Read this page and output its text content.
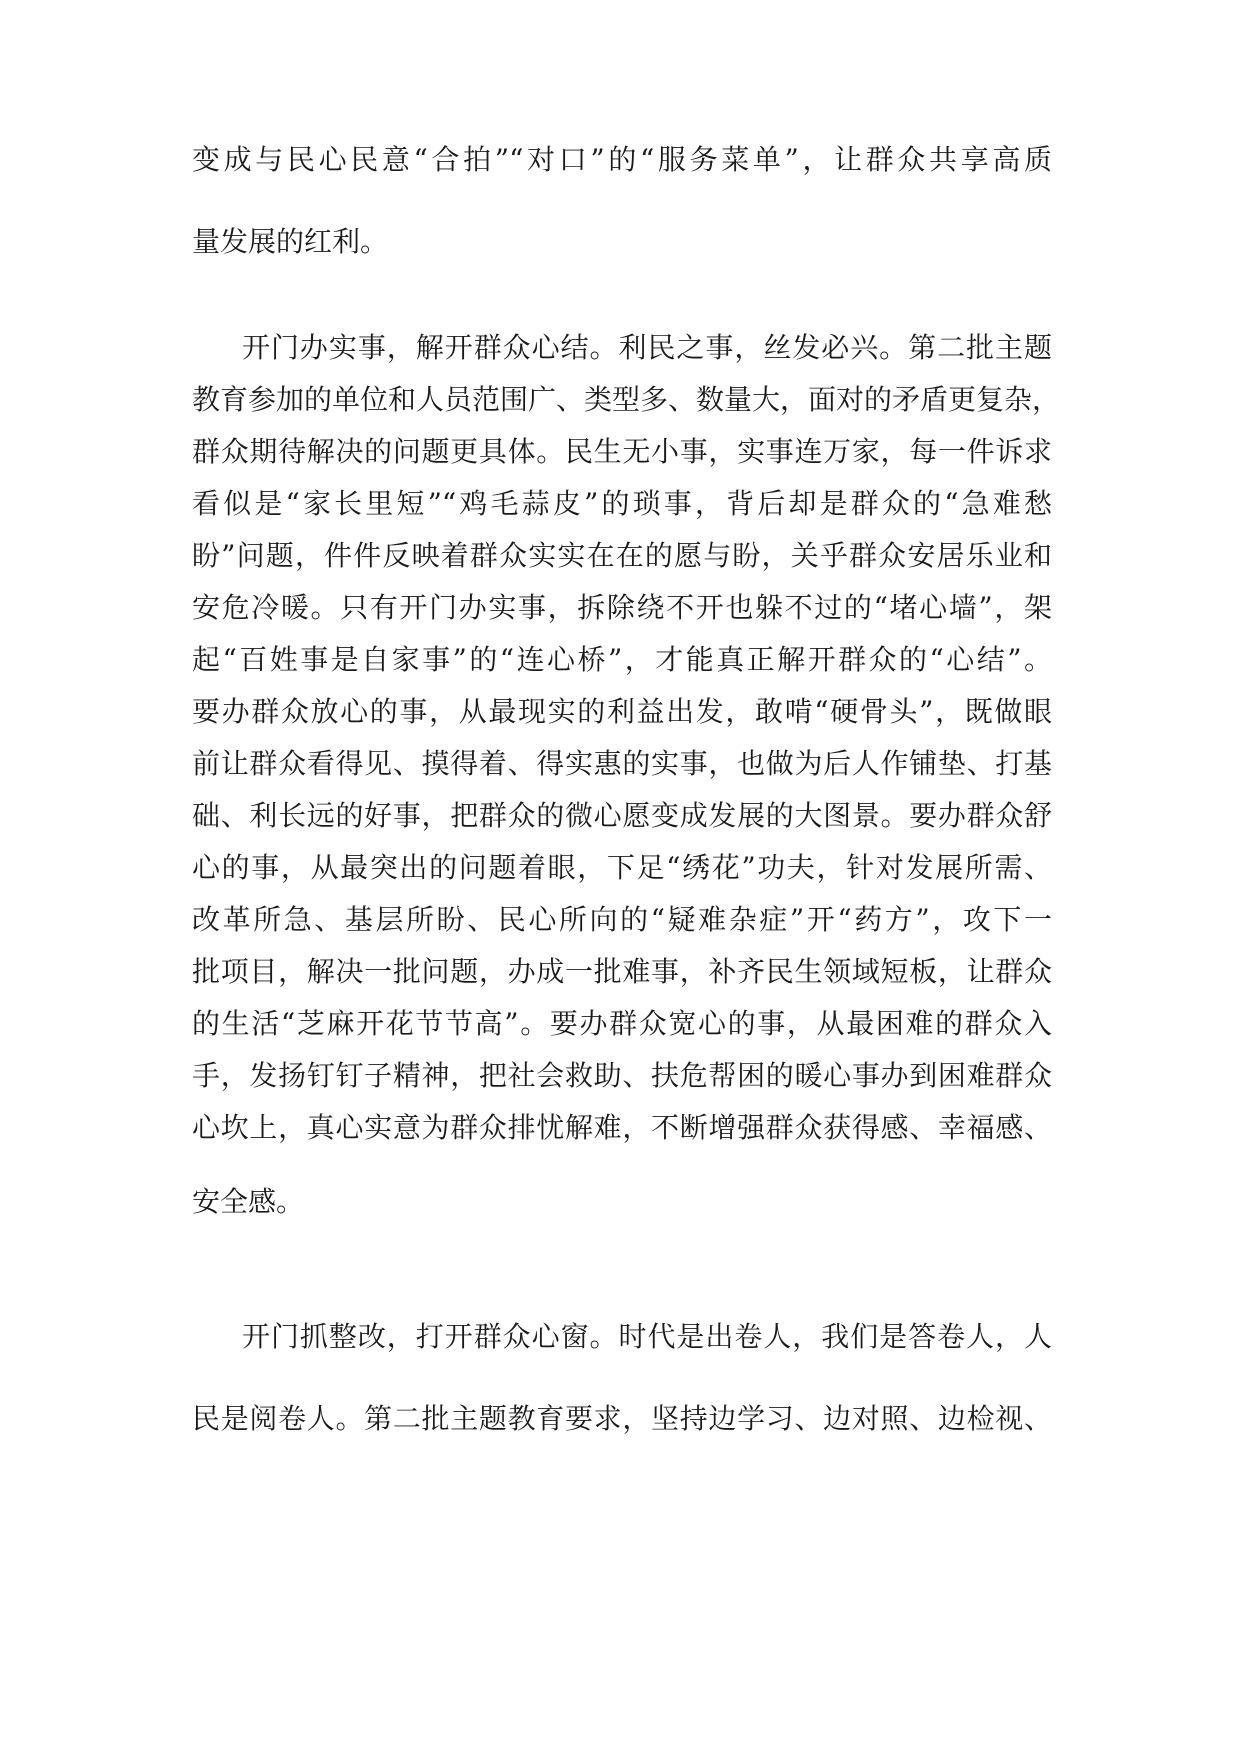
变成与民心民意“合拍”“对口”的“服务菜单”，让群众共享高质
量发展的红利。
开门办实事，解开群众心结。利民之事，丝发必兴。第二批主题
教育参加的单位和人员范围广、类型多、数量大，面对的矛盾更复杂，
群众期待解决的问题更具体。民生无小事，实事连万家，每一件诉求
看似是“家长里短”“鸡毛蒜皮”的琐事，背后却是群众的“急难愁
盼”问题，件件反映着群众实实在在的愿与盼，关乎群众安居乐业和
安危冷暖。只有开门办实事，拆除绕不开也躲不过的“堵心墙”，架
起“百姓事是自家事”的“连心桥”，才能真正解开群众的“心结”。
要办群众放心的事，从最现实的利益出发，敢啃“硬骨头”，既做眼
前让群众看得见、摸得着、得实惠的实事，也做为后人作铺垫、打基
础、利长远的好事，把群众的微心愿变成发展的大图景。要办群众舒
心的事，从最突出的问题着眼，下足“绣花”功夫，针对发展所需、
改革所急、基层所盼、民心所向的“疑难杂症”开“药方”，攻下一
批项目，解决一批问题，办成一批难事，补齐民生领域短板，让群众
的生活“芝麻开花节节高”。要办群众宽心的事，从最困难的群众入
手，发扬钉钉子精神，把社会救助、扶危帮困的暖心事办到困难群众
心坎上，真心实意为群众排忧解难，不断增强群众获得感、幸福感、
安全感。
开门抓整改，打开群众心窗。时代是出卷人，我们是答卷人，人
民是阅卷人。第二批主题教育要求，坚持边学习、边对照、边检视、
